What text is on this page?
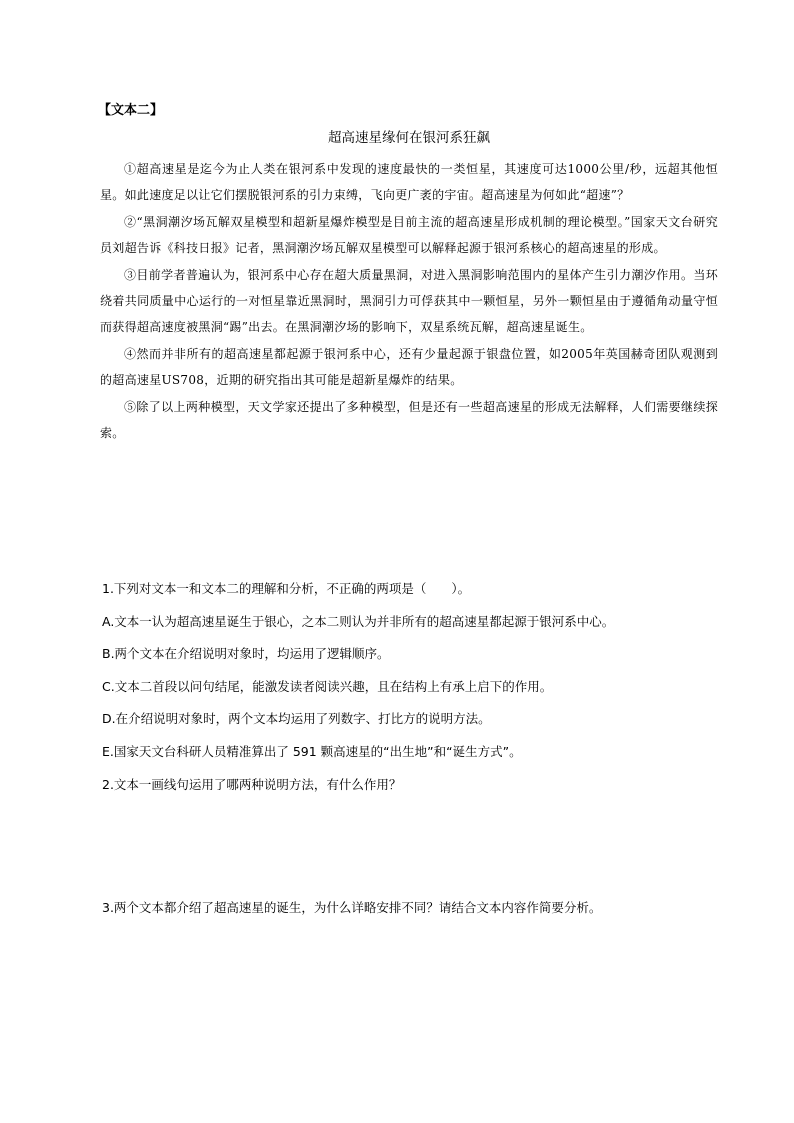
【文本二】
超高速星缘何在银河系狂飙

①超高速星是迄今为止人类在银河系中发现的速度最快的一类恒星，其速度可达1000公里/秒，远超其他恒星。如此速度足以让它们摆脱银河系的引力束缚，飞向更广袤的宇宙。超高速星为何如此“超速”？

②“黑洞潮汐场瓦解双星模型和超新星爆炸模型是目前主流的超高速星形成机制的理论模型。”国家天文台研究员刘超告诉《科技日报》记者，黑洞潮汐场瓦解双星模型可以解释起源于银河系核心的超高速星的形成。

③目前学者普遍认为，银河系中心存在超大质量黑洞，对进入黑洞影响范围内的星体产生引力潮汐作用。当环绕着共同质量中心运行的一对恒星靠近黑洞时，黑洞引力可俘获其中一颗恒星，另外一颗恒星由于遵循角动量守恒而获得超高速度被黑洞“踢”出去。在黑洞潮汐场的影响下，双星系统瓦解，超高速星诞生。

④然而并非所有的超高速星都起源于银河系中心，还有少量起源于银盘位置，如2005年英国赫奇团队观测到的超高速星US708，近期的研究指出其可能是超新星爆炸的结果。

⑤除了以上两种模型，天文学家还提出了多种模型，但是还有一些超高速星的形成无法解释，人们需要继续探索。

1.下列对文本一和文本二的理解和分析，不正确的两项是（　　）。

A.文本一认为超高速星诞生于银心，之本二则认为并非所有的超高速星都起源于银河系中心。

B.两个文本在介绍说明对象时，均运用了逻辑顺序。

C.文本二首段以问句结尾，能激发读者阅读兴趣，且在结构上有承上启下的作用。

D.在介绍说明对象时，两个文本均运用了列数字、打比方的说明方法。

E.国家天文台科研人员精准算出了 591 颗高速星的“出生地”和“诞生方式”。

2.文本一画线句运用了哪两种说明方法，有什么作用？

3.两个文本都介绍了超高速星的诞生，为什么详略安排不同？请结合文本内容作简要分析。
